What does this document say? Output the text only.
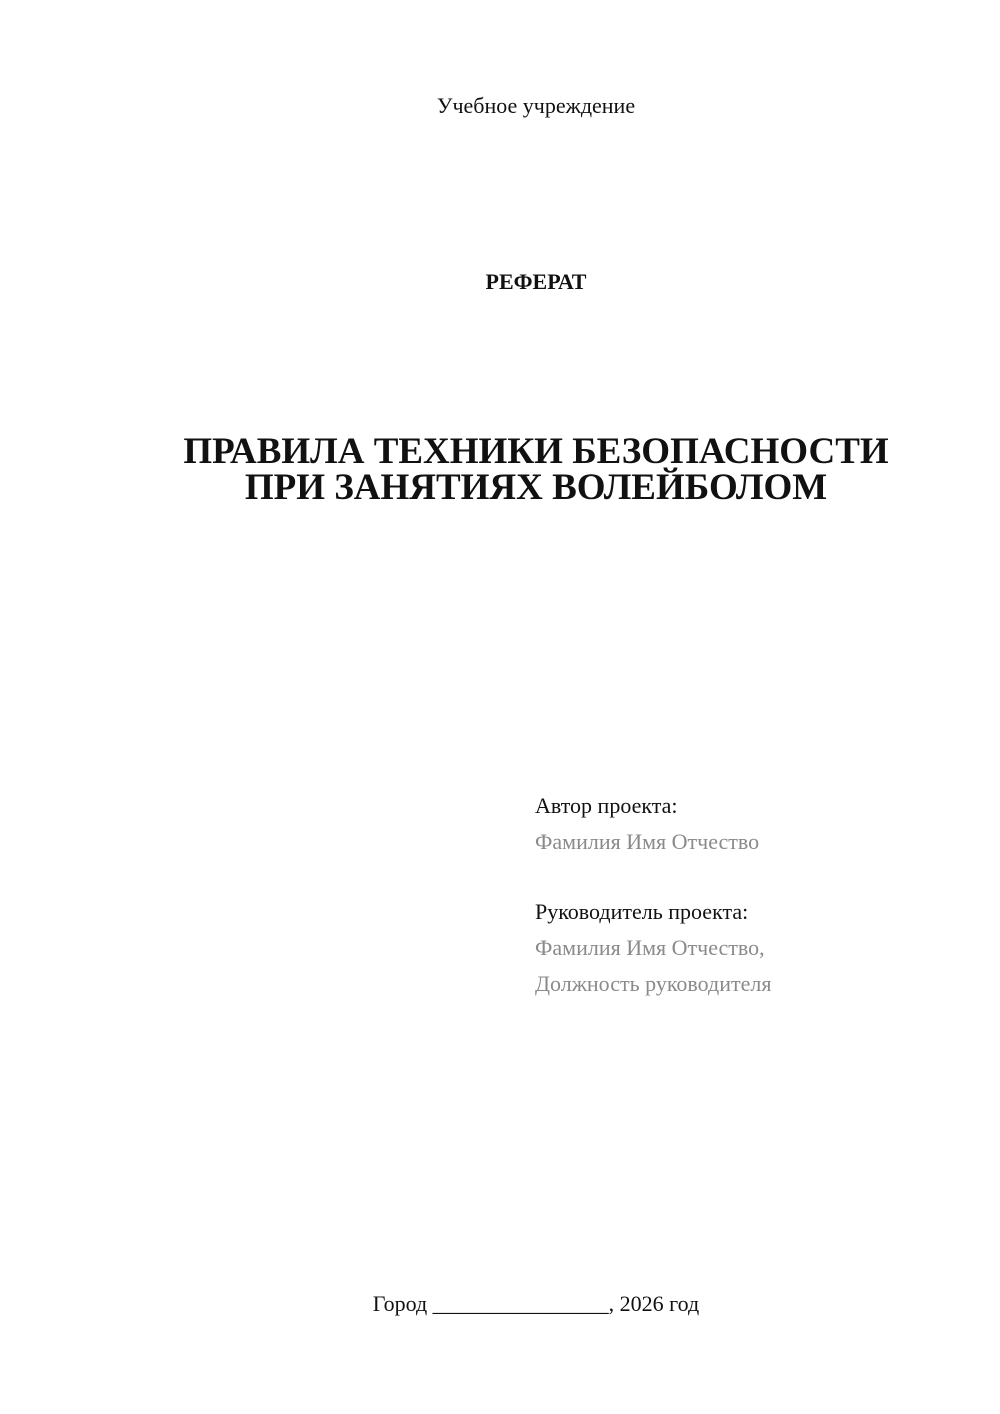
Учебное учреждение
РЕФЕРАТ
ПРАВИЛА ТЕХНИКИ БЕЗОПАСНОСТИ
ПРИ ЗАНЯТИЯХ ВОЛЕЙБОЛОМ
Автор проекта:
Фамилия Имя Отчество
Руководитель проекта:
Фамилия Имя Отчество,
Должность руководителя
Город ________________, 2026 год
